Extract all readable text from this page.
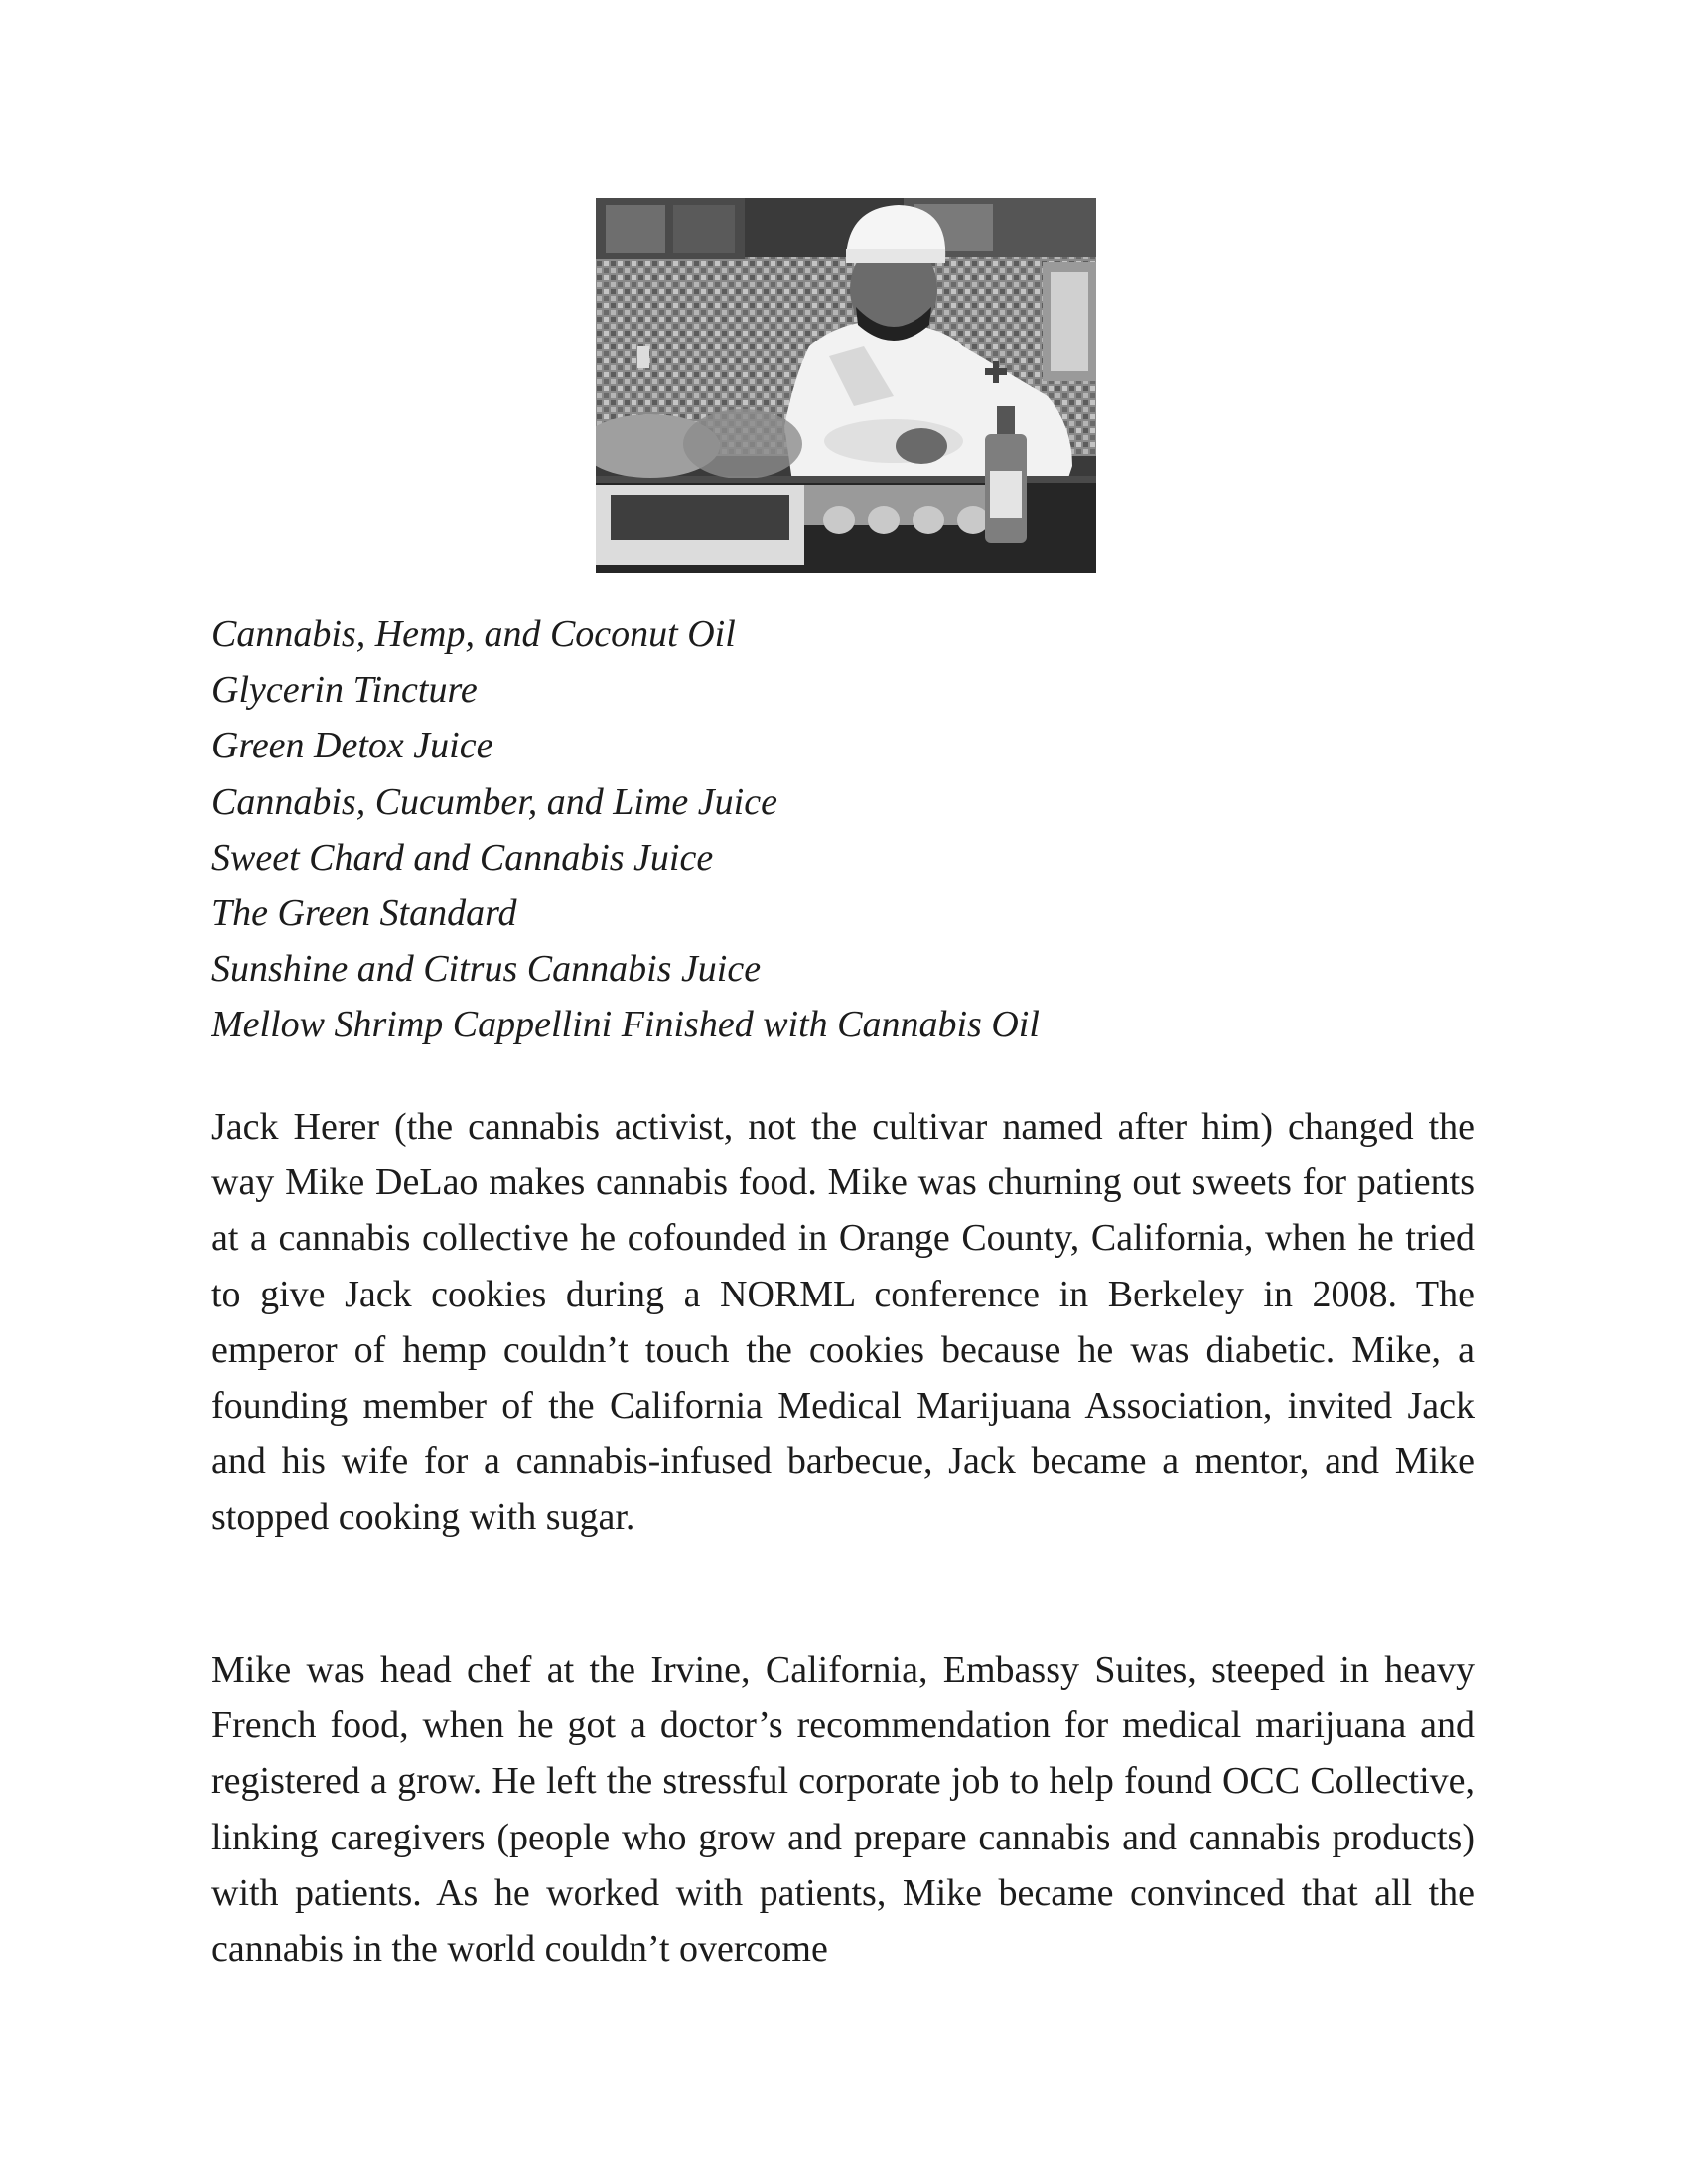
Cannabis, Hemp, and Coconut Oil
Glycerin Tincture
Green Detox Juice
Cannabis, Cucumber, and Lime Juice
Sweet Chard and Cannabis Juice
The Green Standard
Sunshine and Citrus Cannabis Juice
Mellow Shrimp Cappellini Finished with Cannabis Oil

Jack Herer (the cannabis activist, not the cultivar named after him) changed the way Mike DeLao makes cannabis food. Mike was churning out sweets for patients at a cannabis collective he cofounded in Orange County, California, when he tried to give Jack cookies during a NORML conference in Berkeley in 2008. The emperor of hemp couldn’t touch the cookies because he was diabetic. Mike, a founding member of the California Medical Marijuana Association, invited Jack and his wife for a cannabis-infused barbecue, Jack became a mentor, and Mike stopped cooking with sugar.

Mike was head chef at the Irvine, California, Embassy Suites, steeped in heavy French food, when he got a doctor’s recommendation for medical marijuana and registered a grow. He left the stressful corporate job to help found OCC Collective, linking caregivers (people who grow and prepare cannabis and cannabis products) with patients. As he worked with patients, Mike became convinced that all the cannabis in the world couldn’t overcome
